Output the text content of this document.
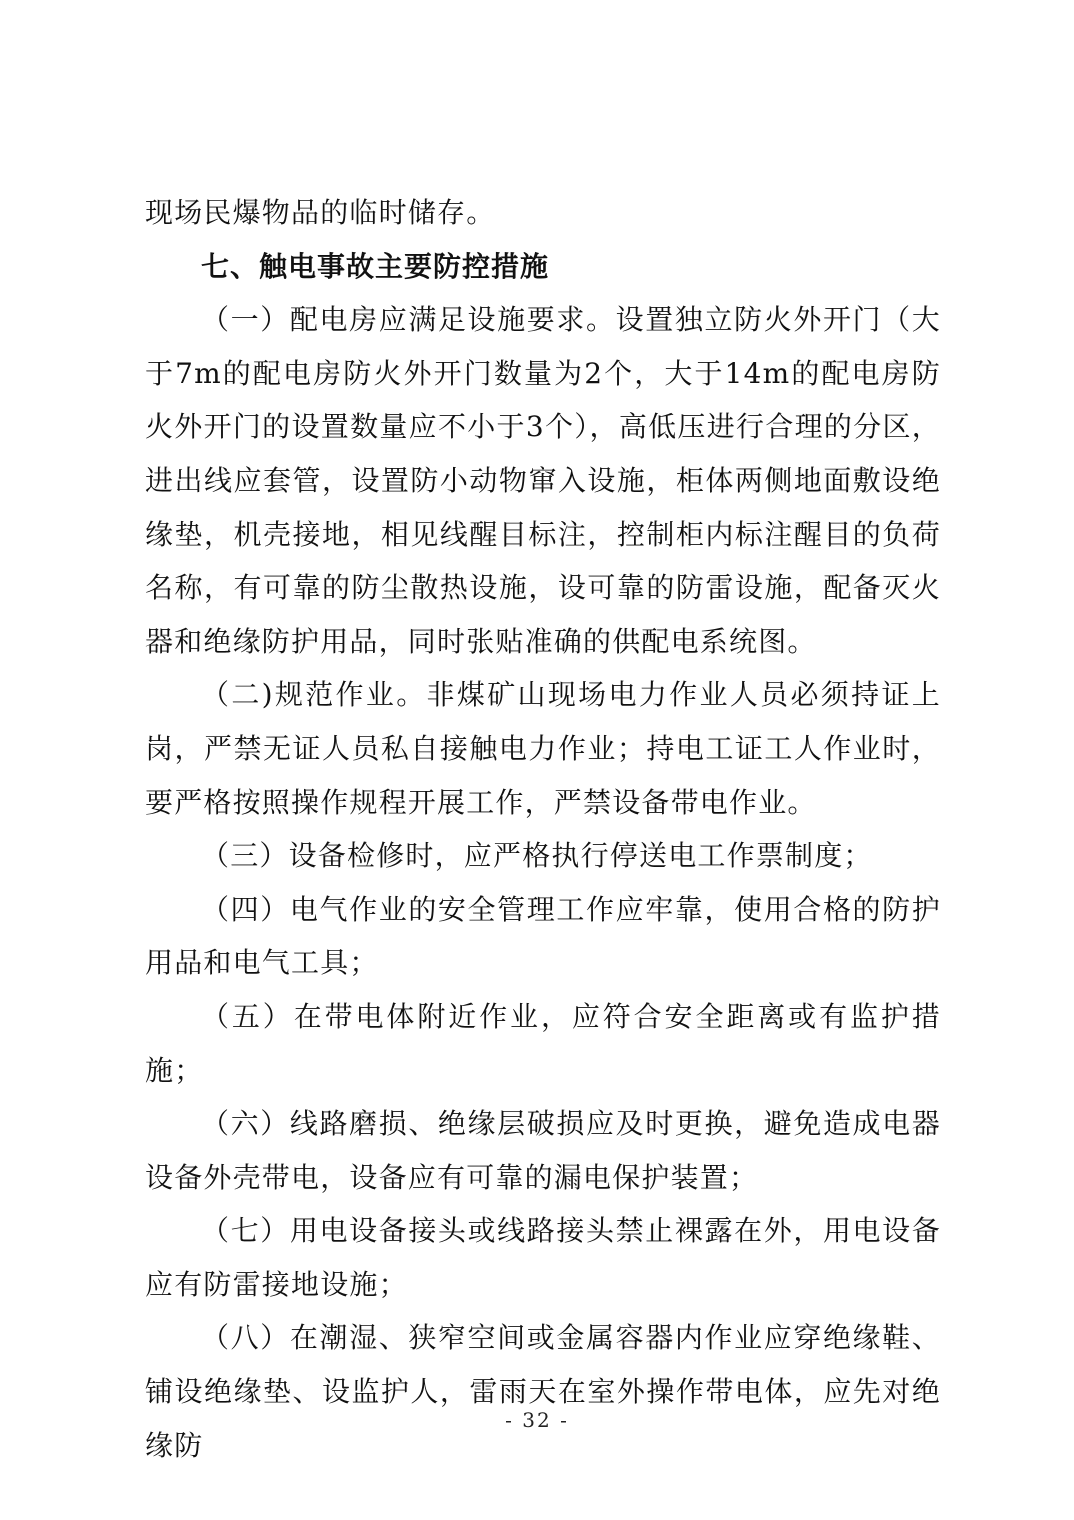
现场民爆物品的临时储存。

七、触电事故主要防控措施

（一）配电房应满足设施要求。设置独立防火外开门（大于7m的配电房防火外开门数量为2个，大于14m的配电房防火外开门的设置数量应不小于3个），高低压进行合理的分区，进出线应套管，设置防小动物窜入设施，柜体两侧地面敷设绝缘垫，机壳接地，相见线醒目标注，控制柜内标注醒目的负荷名称，有可靠的防尘散热设施，设可靠的防雷设施，配备灭火器和绝缘防护用品，同时张贴准确的供配电系统图。

（二)规范作业。非煤矿山现场电力作业人员必须持证上岗，严禁无证人员私自接触电力作业；持电工证工人作业时，要严格按照操作规程开展工作，严禁设备带电作业。

（三）设备检修时，应严格执行停送电工作票制度；

（四）电气作业的安全管理工作应牢靠，使用合格的防护用品和电气工具；

（五）在带电体附近作业，应符合安全距离或有监护措施；

（六）线路磨损、绝缘层破损应及时更换，避免造成电器设备外壳带电，设备应有可靠的漏电保护装置；

（七）用电设备接头或线路接头禁止裸露在外，用电设备应有防雷接地设施；

（八）在潮湿、狭窄空间或金属容器内作业应穿绝缘鞋、铺设绝缘垫、设监护人，雷雨天在室外操作带电体，应先对绝缘防

- 32 -
